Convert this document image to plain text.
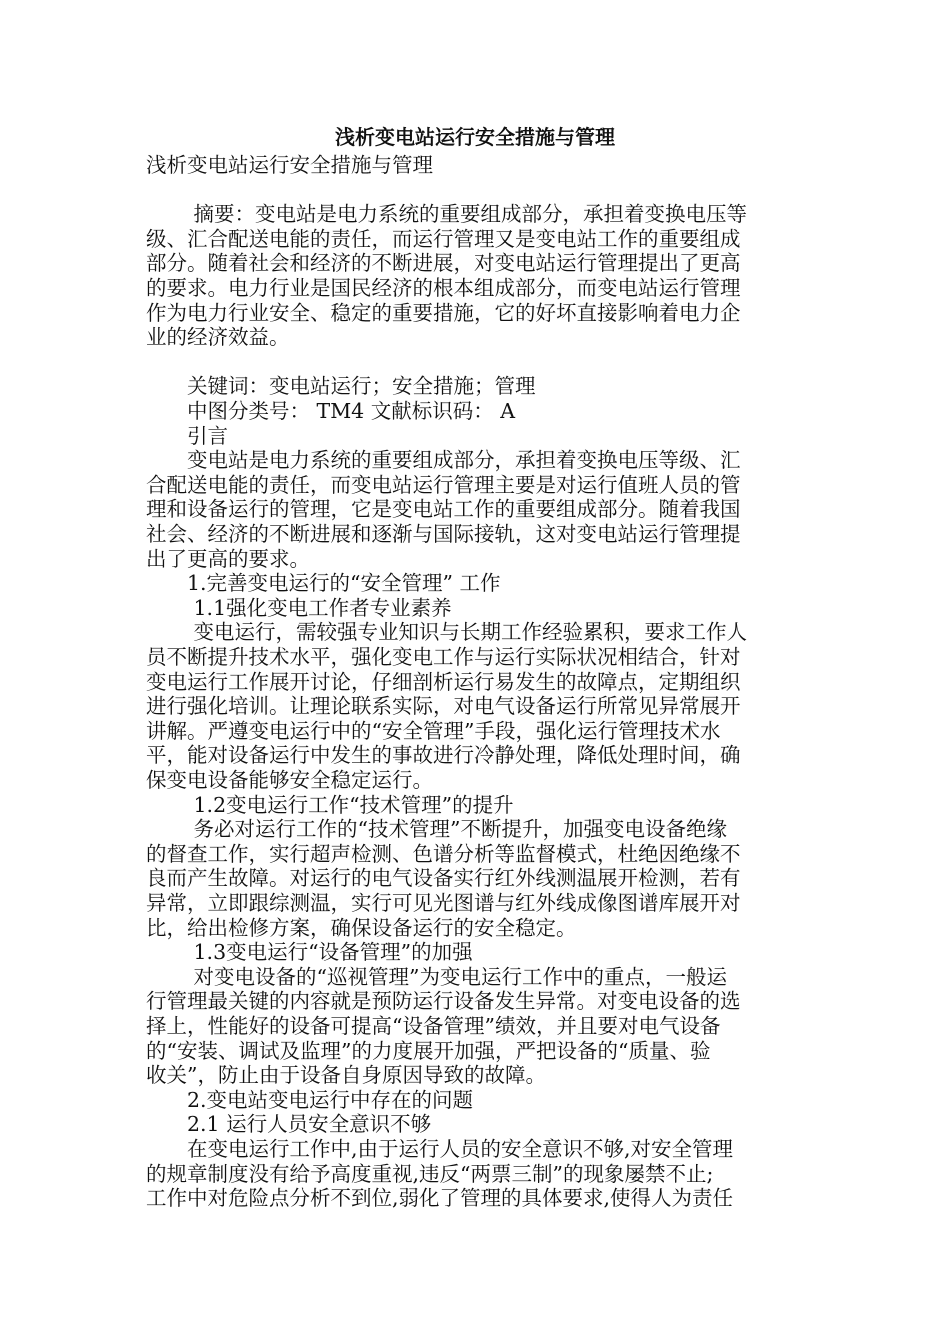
浅析变电站运行安全措施与管理
浅析变电站运行安全措施与管理
　　 摘要：变电站是电力系统的重要组成部分，承担着变换电压等
级、汇合配送电能的责任，而运行管理又是变电站工作的重要组成
部分。随着社会和经济的不断进展，对变电站运行管理提出了更高
的要求。电力行业是国民经济的根本组成部分，而变电站运行管理
作为电力行业安全、稳定的重要措施，它的好坏直接影响着电力企
业的经济效益。
　　关键词：变电站运行；安全措施；管理
　　中图分类号： TM4 文献标识码： A
　　引言
　　变电站是电力系统的重要组成部分，承担着变换电压等级、汇
合配送电能的责任，而变电站运行管理主要是对运行值班人员的管
理和设备运行的管理，它是变电站工作的重要组成部分。随着我国
社会、经济的不断进展和逐渐与国际接轨，这对变电站运行管理提
出了更高的要求。
　　1.完善变电运行的“安全管理” 工作
　　 1.1强化变电工作者专业素养
　　 变电运行，需较强专业知识与长期工作经验累积，要求工作人
员不断提升技术水平，强化变电工作与运行实际状况相结合，针对
变电运行工作展开讨论，仔细剖析运行易发生的故障点，定期组织
进行强化培训。让理论联系实际，对电气设备运行所常见异常展开
讲解。严遵变电运行中的“安全管理”手段，强化运行管理技术水
平，能对设备运行中发生的事故进行冷静处理，降低处理时间，确
保变电设备能够安全稳定运行。
　　 1.2变电运行工作“技术管理”的提升
　　 务必对运行工作的“技术管理”不断提升，加强变电设备绝缘
的督查工作，实行超声检测、色谱分析等监督模式，杜绝因绝缘不
良而产生故障。对运行的电气设备实行红外线测温展开检测，若有
异常，立即跟综测温，实行可见光图谱与红外线成像图谱库展开对
比，给出检修方案，确保设备运行的安全稳定。
　　 1.3变电运行“设备管理”的加强
　　 对变电设备的“巡视管理”为变电运行工作中的重点，一般运
行管理最关键的内容就是预防运行设备发生异常。对变电设备的选
择上，性能好的设备可提高“设备管理”绩效，并且要对电气设备
的“安装、调试及监理”的力度展开加强，严把设备的“质量、验
收关”，防止由于设备自身原因导致的故障。
　　2.变电站变电运行中存在的问题
　　2.1 运行人员安全意识不够
　　在变电运行工作中,由于运行人员的安全意识不够,对安全管理
的规章制度没有给予高度重视,违反“两票三制”的现象屡禁不止;
工作中对危险点分析不到位,弱化了管理的具体要求,使得人为责任
